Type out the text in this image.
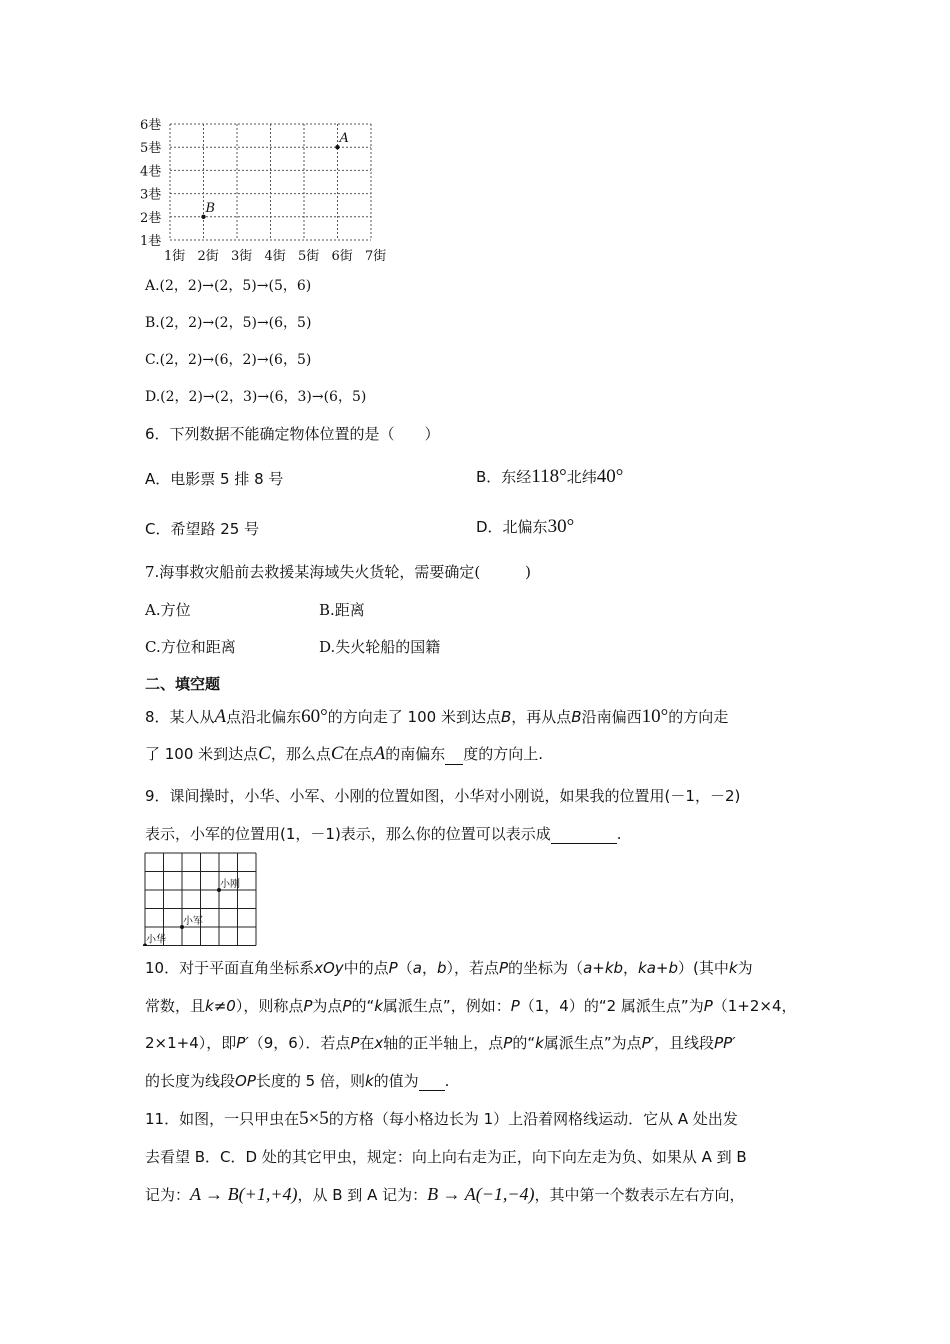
6巷
5巷
4巷
3巷
2巷
1巷
1街 2街 3街 4街 5街 6街 7街
A
B
A.(2，2)→(2，5)→(5，6)
B.(2，2)→(2，5)→(6，5)
C.(2，2)→(6，2)→(6，5)
D.(2，2)→(2，3)→(6，3)→(6，5)
6．下列数据不能确定物体位置的是（　　）
A．电影票 5 排 8 号	B．东经118°北纬40°
C．希望路 25 号	D．北偏东30°
7.海事救灾船前去救援某海域失火货轮，需要确定(　　　)
A.方位	B.距离
C.方位和距离	D.失火轮船的国籍
二、填空题
8．某人从A点沿北偏东60°的方向走了 100 米到达点B，再从点B沿南偏西10°的方向走
了 100 米到达点C，那么点C在点A的南偏东 度的方向上.
9．课间操时，小华、小军、小刚的位置如图，小华对小刚说，如果我的位置用(－1，－2)
表示，小军的位置用(1，－1)表示，那么你的位置可以表示成	.
小华
小军
小刚
10．对于平面直角坐标系xOy中的点P（a，b），若点P的坐标为（a+kb，ka+b）(其中k为
常数，且k≠0），则称点P为点P的“k属派生点”，例如：P（1，4）的“2 属派生点”为P（1+2×4，
2×1+4），即P′（9，6）．若点P在x轴的正半轴上，点P的“k属派生点”为点P′，且线段PP′
的长度为线段OP长度的 5 倍，则k的值为 .
11．如图，一只甲虫在5×5的方格（每小格边长为 1）上沿着网格线运动．它从 A 处出发
去看望 B．C．D 处的其它甲虫，规定：向上向右走为正，向下向左走为负、如果从 A 到 B
记为：A → B(+1,+4)，从 B 到 A 记为：B → A(−1,−4)，其中第一个数表示左右方向，
